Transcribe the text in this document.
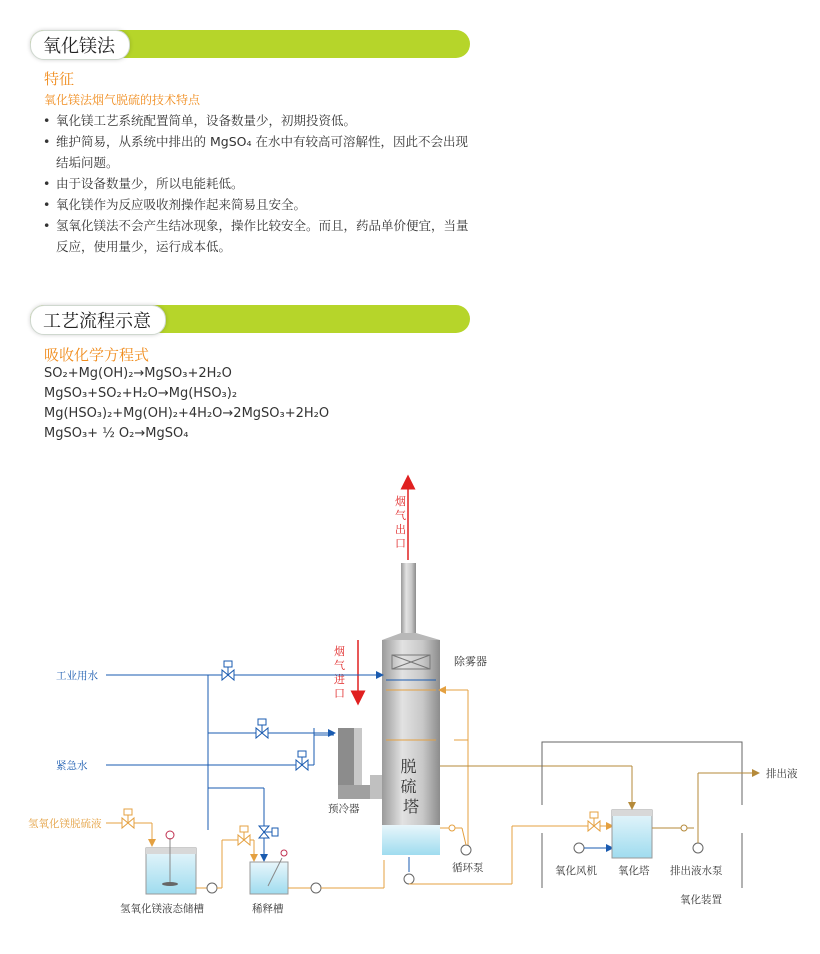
氧化镁法
特征
氧化镁法烟气脱硫的技术特点
• 氧化镁工艺系统配置简单，设备数量少，初期投资低。
• 维护简易，从系统中排出的 MgSO₄ 在水中有较高可溶解性，因此不会出现结垢问题。
• 由于设备数量少，所以电能耗低。
• 氧化镁作为反应吸收剂操作起来简易且安全。
• 氢氧化镁法不会产生结冰现象，操作比较安全。而且，药品单价便宜，当量反应，使用量少，运行成本低。
工艺流程示意
吸收化学方程式
SO₂+Mg(OH)₂→MgSO₃+2H₂O
MgSO₃+SO₂+H₂O→Mg(HSO₃)₂
Mg(HSO₃)₂+Mg(OH)₂+4H₂O→2MgSO₃+2H₂O
MgSO₃+ ½ O₂→MgSO₄
脱 硫 塔
除雾器
烟 气 出 口
烟 气 进 口
预冷器
工业用水
紧急水
氢氧化镁脱硫液
氢氧化镁液态储槽	稀释槽
循环泵	氧化风机 氧化塔 排出液水泵
排出液
氧化装置
